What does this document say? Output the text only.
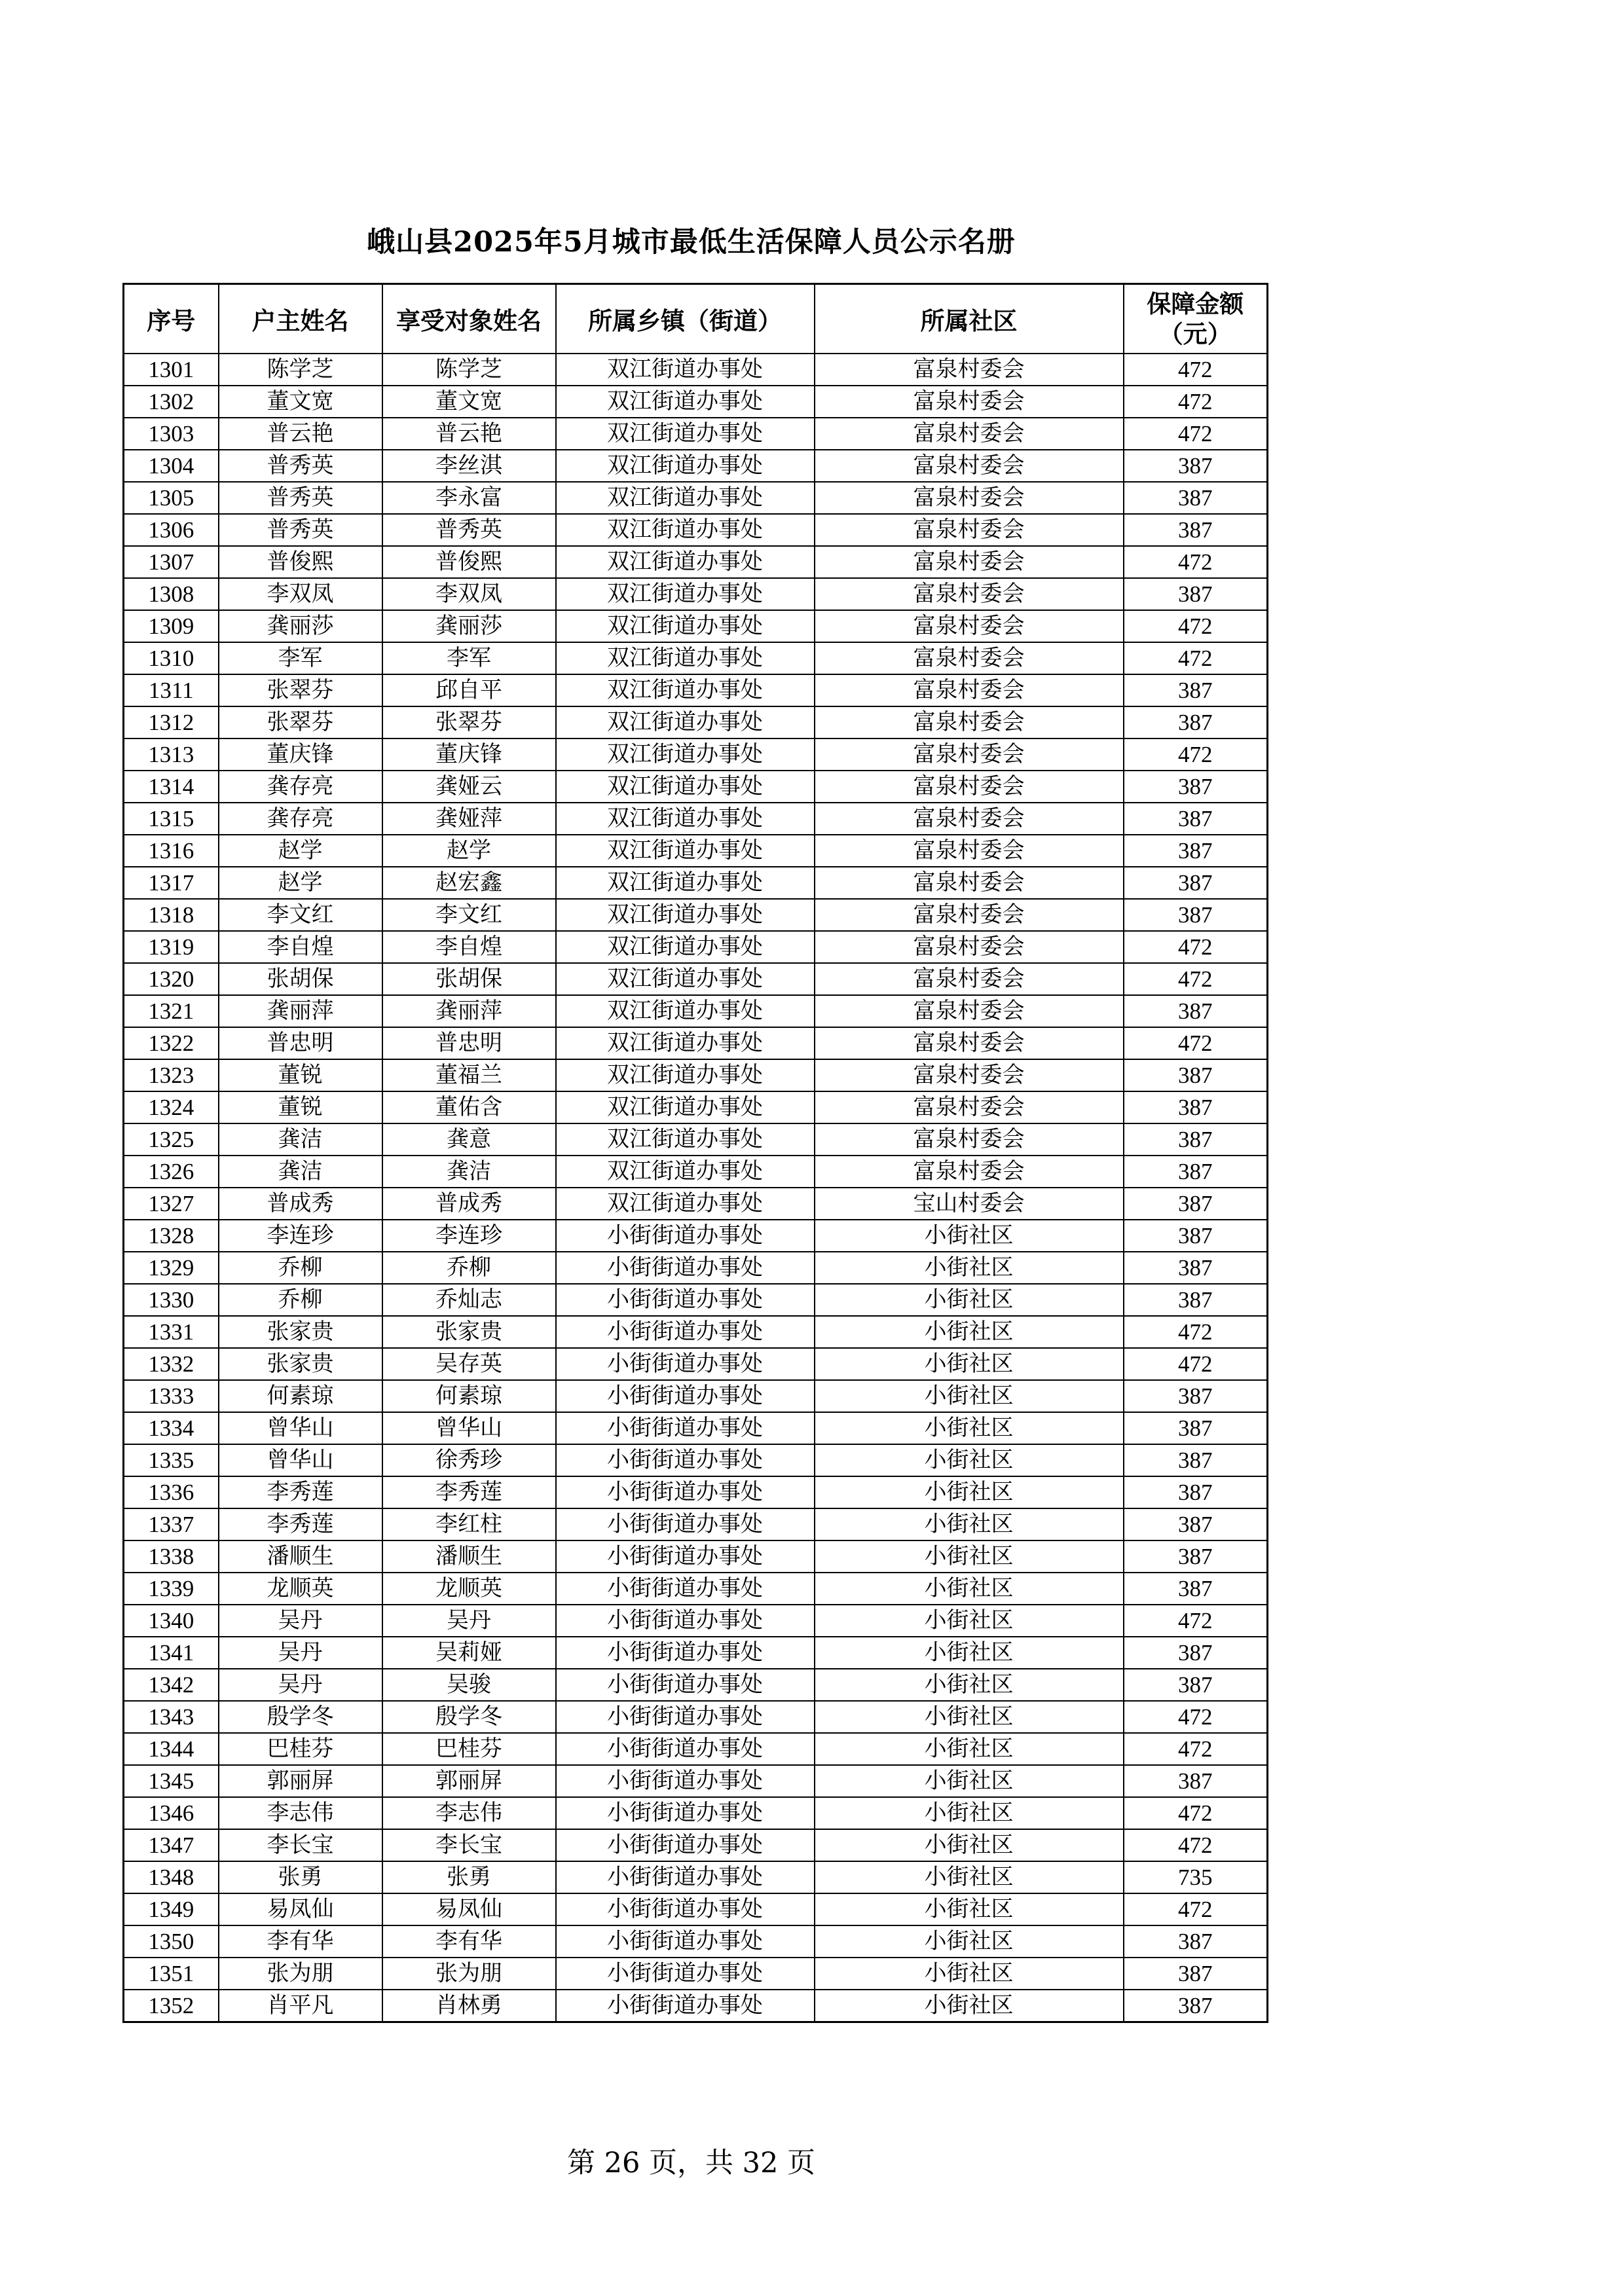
峨山县2025年5月城市最低生活保障人员公示名册
序号	户主姓名	享受对象姓名	所属乡镇（街道）	所属社区	保障金额
（元）
1301	陈学芝	陈学芝	双江街道办事处	富泉村委会	472
1302	董文宽	董文宽	双江街道办事处	富泉村委会	472
1303	普云艳	普云艳	双江街道办事处	富泉村委会	472
1304	普秀英	李丝淇	双江街道办事处	富泉村委会	387
1305	普秀英	李永富	双江街道办事处	富泉村委会	387
1306	普秀英	普秀英	双江街道办事处	富泉村委会	387
1307	普俊熙	普俊熙	双江街道办事处	富泉村委会	472
1308	李双凤	李双凤	双江街道办事处	富泉村委会	387
1309	龚丽莎	龚丽莎	双江街道办事处	富泉村委会	472
1310	李军	李军	双江街道办事处	富泉村委会	472
1311	张翠芬	邱自平	双江街道办事处	富泉村委会	387
1312	张翠芬	张翠芬	双江街道办事处	富泉村委会	387
1313	董庆锋	董庆锋	双江街道办事处	富泉村委会	472
1314	龚存亮	龚娅云	双江街道办事处	富泉村委会	387
1315	龚存亮	龚娅萍	双江街道办事处	富泉村委会	387
1316	赵学	赵学	双江街道办事处	富泉村委会	387
1317	赵学	赵宏鑫	双江街道办事处	富泉村委会	387
1318	李文红	李文红	双江街道办事处	富泉村委会	387
1319	李自煌	李自煌	双江街道办事处	富泉村委会	472
1320	张胡保	张胡保	双江街道办事处	富泉村委会	472
1321	龚丽萍	龚丽萍	双江街道办事处	富泉村委会	387
1322	普忠明	普忠明	双江街道办事处	富泉村委会	472
1323	董锐	董福兰	双江街道办事处	富泉村委会	387
1324	董锐	董佑含	双江街道办事处	富泉村委会	387
1325	龚洁	龚意	双江街道办事处	富泉村委会	387
1326	龚洁	龚洁	双江街道办事处	富泉村委会	387
1327	普成秀	普成秀	双江街道办事处	宝山村委会	387
1328	李连珍	李连珍	小街街道办事处	小街社区	387
1329	乔柳	乔柳	小街街道办事处	小街社区	387
1330	乔柳	乔灿志	小街街道办事处	小街社区	387
1331	张家贵	张家贵	小街街道办事处	小街社区	472
1332	张家贵	吴存英	小街街道办事处	小街社区	472
1333	何素琼	何素琼	小街街道办事处	小街社区	387
1334	曾华山	曾华山	小街街道办事处	小街社区	387
1335	曾华山	徐秀珍	小街街道办事处	小街社区	387
1336	李秀莲	李秀莲	小街街道办事处	小街社区	387
1337	李秀莲	李红柱	小街街道办事处	小街社区	387
1338	潘顺生	潘顺生	小街街道办事处	小街社区	387
1339	龙顺英	龙顺英	小街街道办事处	小街社区	387
1340	吴丹	吴丹	小街街道办事处	小街社区	472
1341	吴丹	吴莉娅	小街街道办事处	小街社区	387
1342	吴丹	吴骏	小街街道办事处	小街社区	387
1343	殷学冬	殷学冬	小街街道办事处	小街社区	472
1344	巴桂芬	巴桂芬	小街街道办事处	小街社区	472
1345	郭丽屏	郭丽屏	小街街道办事处	小街社区	387
1346	李志伟	李志伟	小街街道办事处	小街社区	472
1347	李长宝	李长宝	小街街道办事处	小街社区	472
1348	张勇	张勇	小街街道办事处	小街社区	735
1349	易凤仙	易凤仙	小街街道办事处	小街社区	472
1350	李有华	李有华	小街街道办事处	小街社区	387
1351	张为朋	张为朋	小街街道办事处	小街社区	387
1352	肖平凡	肖林勇	小街街道办事处	小街社区	387
第 26 页，共 32 页
